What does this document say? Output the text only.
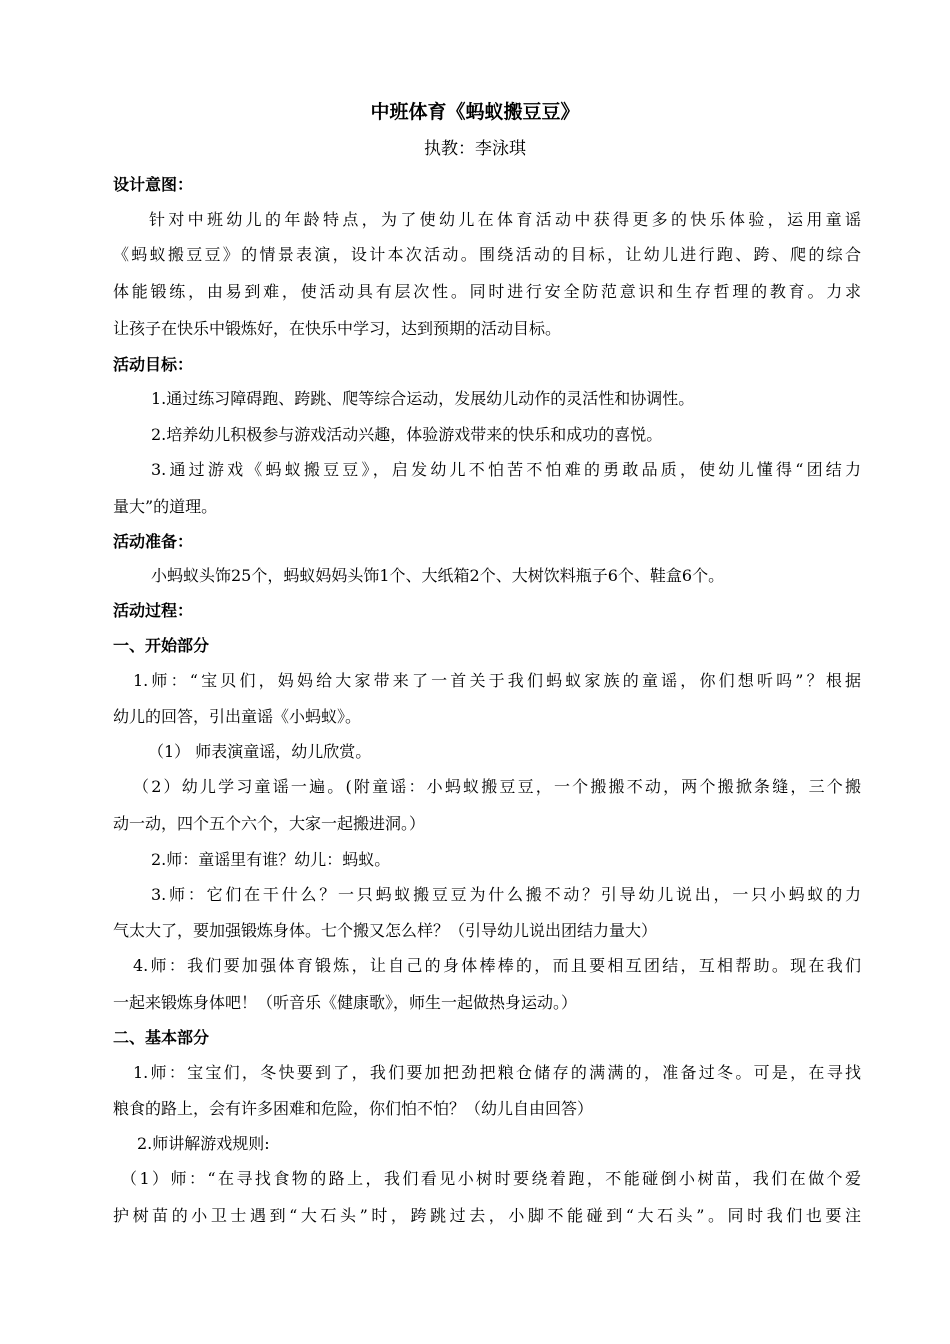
中班体育《蚂蚁搬豆豆》
执教：李泳琪
设计意图：
针对中班幼儿的年龄特点，为了使幼儿在体育活动中获得更多的快乐体验，运用童谣
《蚂蚁搬豆豆》的情景表演，设计本次活动。围绕活动的目标，让幼儿进行跑、跨、爬的综合
体能锻练，由易到难，使活动具有层次性。同时进行安全防范意识和生存哲理的教育。力求
让孩子在快乐中锻炼好，在快乐中学习，达到预期的活动目标。
活动目标：
1.通过练习障碍跑、跨跳、爬等综合运动，发展幼儿动作的灵活性和协调性。
2.培养幼儿积极参与游戏活动兴趣，体验游戏带来的快乐和成功的喜悦。
3.通过游戏《蚂蚁搬豆豆》，启发幼儿不怕苦不怕难的勇敢品质，使幼儿懂得“团结力
量大”的道理。
活动准备：
小蚂蚁头饰25个，蚂蚁妈妈头饰1个、大纸箱2个、大树饮料瓶子6个、鞋盒6个。
活动过程：
一、开始部分
1.师：“宝贝们，妈妈给大家带来了一首关于我们蚂蚁家族的童谣，你们想听吗”？根据
幼儿的回答，引出童谣《小蚂蚁》。
（1） 师表演童谣，幼儿欣赏。
（2）幼儿学习童谣一遍。(附童谣：小蚂蚁搬豆豆，一个搬搬不动，两个搬掀条缝，三个搬
动一动，四个五个六个，大家一起搬进洞。）
2.师：童谣里有谁？幼儿：蚂蚁。
3.师：它们在干什么？一只蚂蚁搬豆豆为什么搬不动？引导幼儿说出，一只小蚂蚁的力
气太大了，要加强锻炼身体。七个搬又怎么样？（引导幼儿说出团结力量大）
4.师：我们要加强体育锻炼，让自己的身体棒棒的，而且要相互团结，互相帮助。现在我们
一起来锻炼身体吧！（听音乐《健康歌》，师生一起做热身运动。）
二、基本部分
1.师：宝宝们，冬快要到了，我们要加把劲把粮仓储存的满满的，准备过冬。可是，在寻找
粮食的路上，会有许多困难和危险，你们怕不怕？（幼儿自由回答）
2.师讲解游戏规则:
（1）师：“在寻找食物的路上，我们看见小树时要绕着跑，不能碰倒小树苗，我们在做个爱
护树苗的小卫士遇到“大石头”时，跨跳过去，小脚不能碰到“大石头”。同时我们也要注
